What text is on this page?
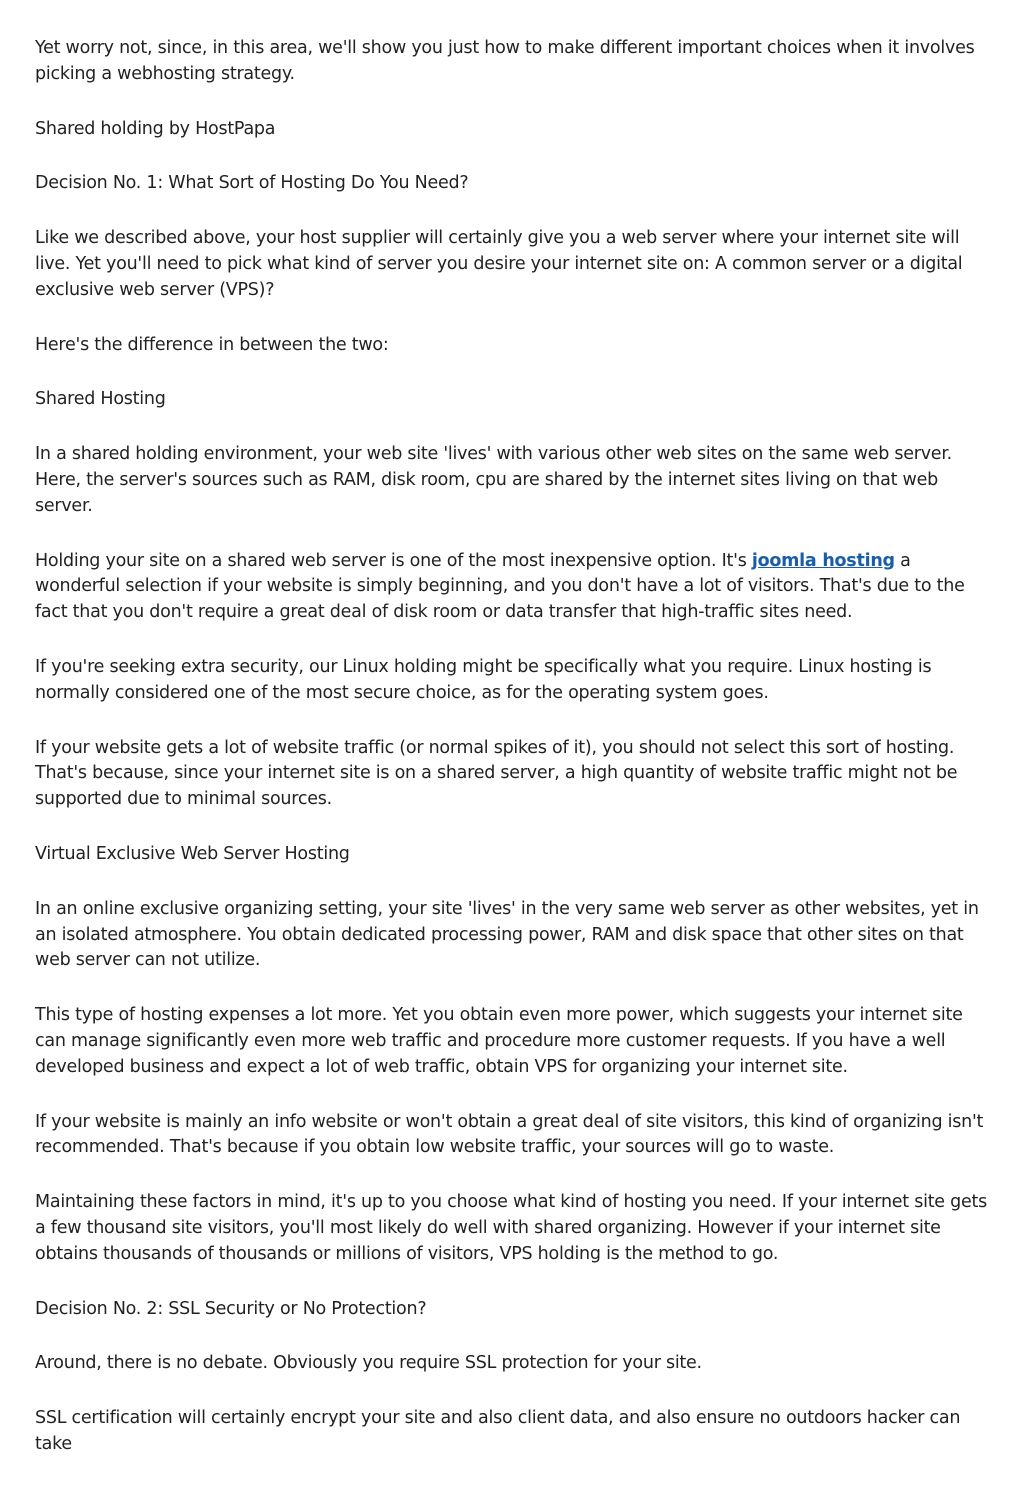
Yet worry not, since, in this area, we'll show you just how to make different important choices when it involves picking a webhosting strategy.

Shared holding by HostPapa

Decision No. 1: What Sort of Hosting Do You Need?

Like we described above, your host supplier will certainly give you a web server where your internet site will live. Yet you'll need to pick what kind of server you desire your internet site on: A common server or a digital exclusive web server (VPS)?

Here's the difference in between the two:

Shared Hosting

In a shared holding environment, your web site 'lives' with various other web sites on the same web server. Here, the server's sources such as RAM, disk room, cpu are shared by the internet sites living on that web server.

Holding your site on a shared web server is one of the most inexpensive option. It's joomla hosting a wonderful selection if your website is simply beginning, and you don't have a lot of visitors. That's due to the fact that you don't require a great deal of disk room or data transfer that high-traffic sites need.

If you're seeking extra security, our Linux holding might be specifically what you require. Linux hosting is normally considered one of the most secure choice, as for the operating system goes.

If your website gets a lot of website traffic (or normal spikes of it), you should not select this sort of hosting. That's because, since your internet site is on a shared server, a high quantity of website traffic might not be supported due to minimal sources.

Virtual Exclusive Web Server Hosting

In an online exclusive organizing setting, your site 'lives' in the very same web server as other websites, yet in an isolated atmosphere. You obtain dedicated processing power, RAM and disk space that other sites on that web server can not utilize.

This type of hosting expenses a lot more. Yet you obtain even more power, which suggests your internet site can manage significantly even more web traffic and procedure more customer requests. If you have a well developed business and expect a lot of web traffic, obtain VPS for organizing your internet site.

If your website is mainly an info website or won't obtain a great deal of site visitors, this kind of organizing isn't recommended. That's because if you obtain low website traffic, your sources will go to waste.

Maintaining these factors in mind, it's up to you choose what kind of hosting you need. If your internet site gets a few thousand site visitors, you'll most likely do well with shared organizing. However if your internet site obtains thousands of thousands or millions of visitors, VPS holding is the method to go.

Decision No. 2: SSL Security or No Protection?

Around, there is no debate. Obviously you require SSL protection for your site.

SSL certification will certainly encrypt your site and also client data, and also ensure no outdoors hacker can take
